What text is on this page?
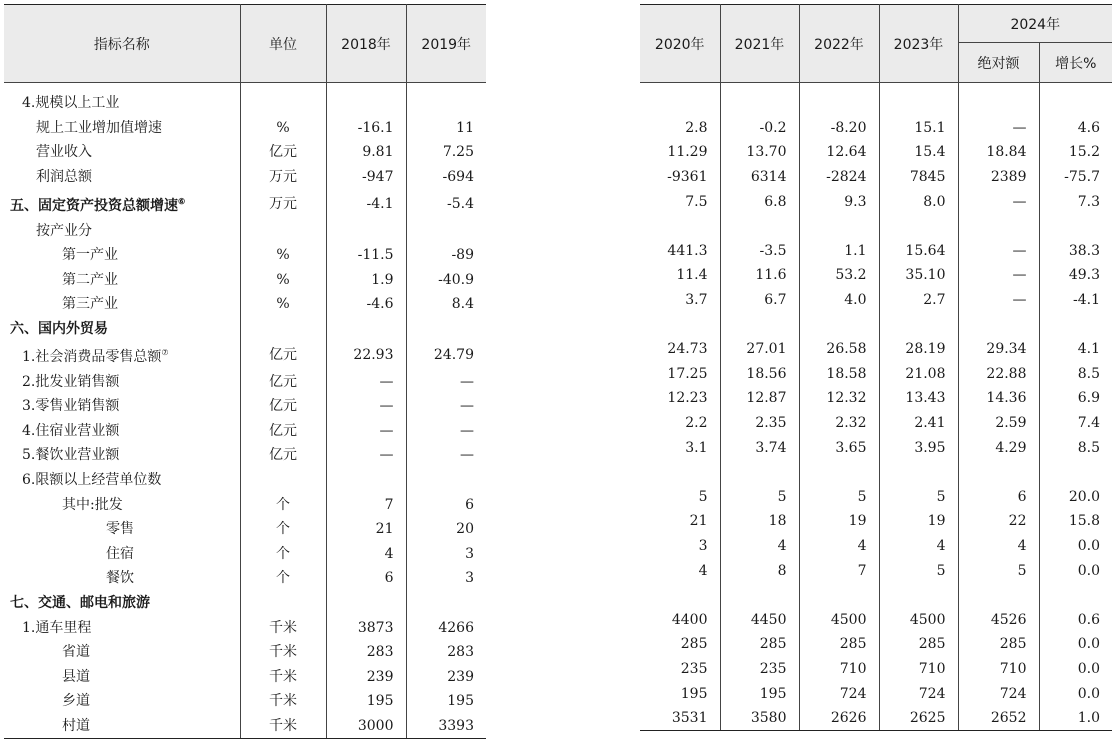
指标名称	单位	2018年	2019年
4.规模以上工业			
规上工业增加值增速	%	-16.1	11
营业收入	亿元	9.81	7.25
利润总额	万元	-947	-694
五、固定资产投资总额增速⑥	万元	-4.1	-5.4
按产业分			
第一产业	%	-11.5	-89
第二产业	%	1.9	-40.9
第三产业	%	-4.6	8.4
六、国内外贸易			
1.社会消费品零售总额⑦	亿元	22.93	24.79
2.批发业销售额	亿元	—	—
3.零售业销售额	亿元	—	—
4.住宿业营业额	亿元	—	—
5.餐饮业营业额	亿元	—	—
6.限额以上经营单位数			
其中:批发	个	7	6
零售	个	21	20
住宿	个	4	3
餐饮	个	6	3
七、交通、邮电和旅游			
1.通车里程	千米	3873	4266
省道	千米	283	283
县道	千米	239	239
乡道	千米	195	195
村道	千米	3000	3393
2020年	2021年	2022年	2023年	2024年	
				绝对额	增长%

2.8	-0.2	-8.20	15.1	—	4.6
11.29	13.70	12.64	15.4	18.84	15.2
-9361	6314	-2824	7845	2389	-75.7
7.5	6.8	9.3	8.0	—	7.3

441.3	-3.5	1.1	15.64	—	38.3
11.4	11.6	53.2	35.10	—	49.3
3.7	6.7	4.0	2.7	—	-4.1

24.73	27.01	26.58	28.19	29.34	4.1
17.25	18.56	18.58	21.08	22.88	8.5
12.23	12.87	12.32	13.43	14.36	6.9
2.2	2.35	2.32	2.41	2.59	7.4
3.1	3.74	3.65	3.95	4.29	8.5

5	5	5	5	6	20.0
21	18	19	19	22	15.8
3	4	4	4	4	0.0
4	8	7	5	5	0.0

4400	4450	4500	4500	4526	0.6
285	285	285	285	285	0.0
235	235	710	710	710	0.0
195	195	724	724	724	0.0
3531	3580	2626	2625	2652	1.0
